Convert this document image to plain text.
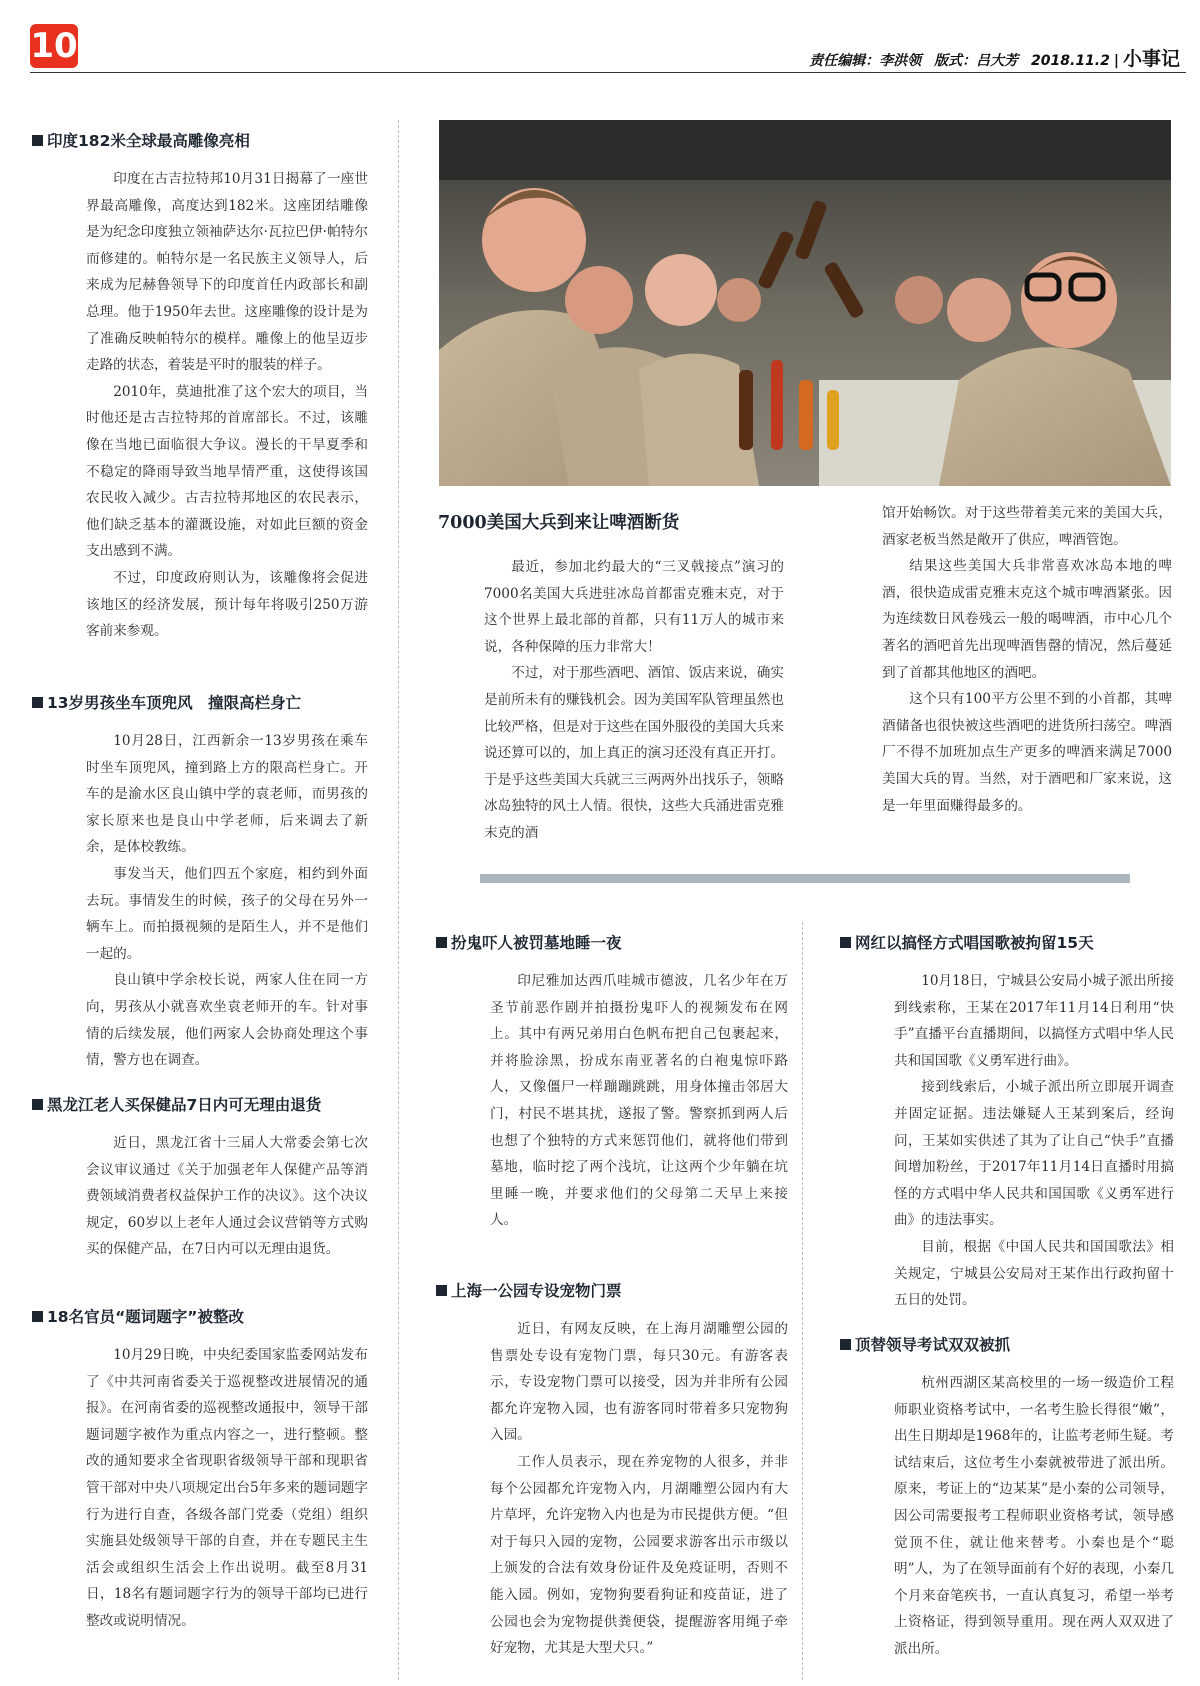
10	责任编辑：李洪领 版式：吕大芳 2018.11.2 | 小事记
印度182米全球最高雕像亮相

印度在古吉拉特邦10月31日揭幕了一座世界最高雕像，高度达到182米。这座团结雕像是为纪念印度独立领袖萨达尔·瓦拉巴伊·帕特尔而修建的。帕特尔是一名民族主义领导人，后来成为尼赫鲁领导下的印度首任内政部长和副总理。他于1950年去世。这座雕像的设计是为了准确反映帕特尔的模样。雕像上的他呈迈步走路的状态，着装是平时的服装的样子。

2010年，莫迪批准了这个宏大的项目，当时他还是古吉拉特邦的首席部长。不过，该雕像在当地已面临很大争议。漫长的干旱夏季和不稳定的降雨导致当地旱情严重，这使得该国农民收入减少。古吉拉特邦地区的农民表示，他们缺乏基本的灌溉设施，对如此巨额的资金支出感到不满。

不过，印度政府则认为，该雕像将会促进该地区的经济发展，预计每年将吸引250万游客前来参观。

13岁男孩坐车顶兜风　撞限高栏身亡

10月28日，江西新余一13岁男孩在乘车时坐车顶兜风，撞到路上方的限高栏身亡。开车的是渝水区良山镇中学的袁老师，而男孩的家长原来也是良山中学老师，后来调去了新余，是体校教练。

事发当天，他们四五个家庭，相约到外面去玩。事情发生的时候，孩子的父母在另外一辆车上。而拍摄视频的是陌生人，并不是他们一起的。

良山镇中学余校长说，两家人住在同一方向，男孩从小就喜欢坐袁老师开的车。针对事情的后续发展，他们两家人会协商处理这个事情，警方也在调查。

黑龙江老人买保健品7日内可无理由退货

近日，黑龙江省十三届人大常委会第七次会议审议通过《关于加强老年人保健产品等消费领域消费者权益保护工作的决议》。这个决议规定，60岁以上老年人通过会议营销等方式购买的保健产品，在7日内可以无理由退货。

18名官员“题词题字”被整改

10月29日晚，中央纪委国家监委网站发布了《中共河南省委关于巡视整改进展情况的通报》。在河南省委的巡视整改通报中，领导干部题词题字被作为重点内容之一，进行整顿。整改的通知要求全省现职省级领导干部和现职省管干部对中央八项规定出台5年多来的题词题字行为进行自查，各级各部门党委（党组）组织实施县处级领导干部的自查，并在专题民主生活会或组织生活会上作出说明。截至8月31日，18名有题词题字行为的领导干部均已进行整改或说明情况。

7000美国大兵到来让啤酒断货

最近，参加北约最大的“三叉戟接点”演习的7000名美国大兵进驻冰岛首都雷克雅末克，对于这个世界上最北部的首都，只有11万人的城市来说，各种保障的压力非常大！

不过，对于那些酒吧、酒馆、饭店来说，确实是前所未有的赚钱机会。因为美国军队管理虽然也比较严格，但是对于这些在国外服役的美国大兵来说还算可以的，加上真正的演习还没有真正开打。于是乎这些美国大兵就三三两两外出找乐子，领略冰岛独特的风土人情。很快，这些大兵涌进雷克雅末克的酒

馆开始畅饮。对于这些带着美元来的美国大兵，酒家老板当然是敞开了供应，啤酒管饱。

结果这些美国大兵非常喜欢冰岛本地的啤酒，很快造成雷克雅末克这个城市啤酒紧张。因为连续数日风卷残云一般的喝啤酒，市中心几个著名的酒吧首先出现啤酒售罄的情况，然后蔓延到了首都其他地区的酒吧。

这个只有100平方公里不到的小首都，其啤酒储备也很快被这些酒吧的进货所扫荡空。啤酒厂不得不加班加点生产更多的啤酒来满足7000美国大兵的胃。当然，对于酒吧和厂家来说，这是一年里面赚得最多的。

扮鬼吓人被罚墓地睡一夜

印尼雅加达西爪哇城市德波，几名少年在万圣节前恶作剧并拍摄扮鬼吓人的视频发布在网上。其中有两兄弟用白色帆布把自己包裹起来，并将脸涂黑，扮成东南亚著名的白袍鬼惊吓路人，又像僵尸一样蹦蹦跳跳，用身体撞击邻居大门，村民不堪其扰，遂报了警。警察抓到两人后也想了个独特的方式来惩罚他们，就将他们带到墓地，临时挖了两个浅坑，让这两个少年躺在坑里睡一晚，并要求他们的父母第二天早上来接人。

上海一公园专设宠物门票

近日，有网友反映，在上海月湖雕塑公园的售票处专设有宠物门票，每只30元。有游客表示，专设宠物门票可以接受，因为并非所有公园都允许宠物入园，也有游客同时带着多只宠物狗入园。

工作人员表示，现在养宠物的人很多，并非每个公园都允许宠物入内，月湖雕塑公园内有大片草坪，允许宠物入内也是为市民提供方便。“但对于每只入园的宠物，公园要求游客出示市级以上颁发的合法有效身份证件及免疫证明，否则不能入园。例如，宠物狗要看狗证和疫苗证，进了公园也会为宠物提供粪便袋，提醒游客用绳子牵好宠物，尤其是大型犬只。”

网红以搞怪方式唱国歌被拘留15天

10月18日，宁城县公安局小城子派出所接到线索称，王某在2017年11月14日利用“快手”直播平台直播期间，以搞怪方式唱中华人民共和国国歌《义勇军进行曲》。

接到线索后，小城子派出所立即展开调查并固定证据。违法嫌疑人王某到案后，经询问，王某如实供述了其为了让自己“快手”直播间增加粉丝，于2017年11月14日直播时用搞怪的方式唱中华人民共和国国歌《义勇军进行曲》的违法事实。

目前，根据《中国人民共和国国歌法》相关规定，宁城县公安局对王某作出行政拘留十五日的处罚。

顶替领导考试双双被抓

杭州西湖区某高校里的一场一级造价工程师职业资格考试中，一名考生脸长得很“嫩”，出生日期却是1968年的，让监考老师生疑。考试结束后，这位考生小秦就被带进了派出所。原来，考证上的“边某某”是小秦的公司领导，因公司需要报考工程师职业资格考试，领导感觉顶不住，就让他来替考。小秦也是个“聪明”人，为了在领导面前有个好的表现，小秦几个月来奋笔疾书，一直认真复习，希望一举考上资格证，得到领导重用。现在两人双双进了派出所。
